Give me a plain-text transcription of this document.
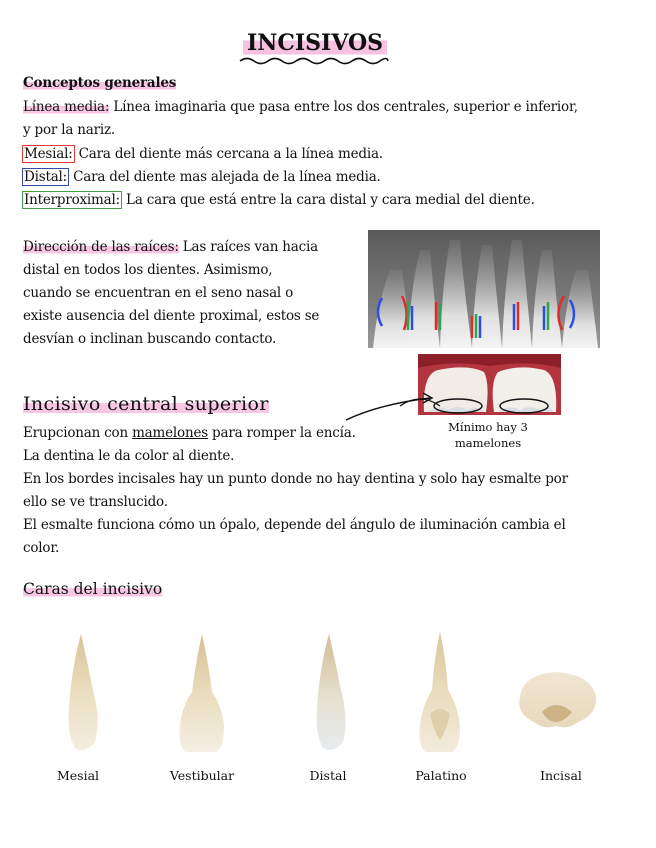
INCISIVOS
Conceptos generales
Línea media: Línea imaginaria que pasa entre los dos centrales, superior e inferior,
y por la nariz.
Mesial: Cara del diente más cercana a la línea media.
Distal: Cara del diente mas alejada de la línea media.
Interproximal: La cara que está entre la cara distal y cara medial del diente.
Dirección de las raíces: Las raíces van hacia
distal en todos los dientes. Asimismo,
cuando se encuentran en el seno nasal o
existe ausencia del diente proximal, estos se
desvían o inclinan buscando contacto.
Mínimo hay 3 mamelones
Incisivo central superior
Erupcionan con mamelones para romper la encía.
La dentina le da color al diente.
En los bordes incisales hay un punto donde no hay dentina y solo hay esmalte por
ello se ve translucido.
El esmalte funciona cómo un ópalo, depende del ángulo de iluminación cambia el
color.
Caras del incisivo
Mesial	Vestibular	Distal	Palatino	Incisal
